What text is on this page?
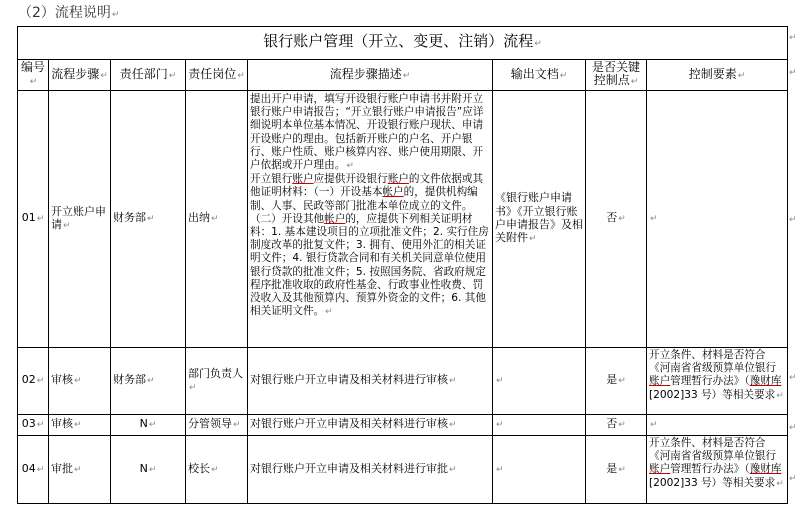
（2）流程说明↵
银行账户管理（开立、变更、注销）流程↵							
编号↵	流程步骤↵	责任部门↵	责任岗位↵	流程步骤描述↵	输出文档↵	是否关键
控制点↵	控制要素↵
01↵	开立账户申请↵	财务部↵	出纳↵	提出开户申请，填写开设银行账户申请书并附开立银行账户申请报告；“开立银行账户申请报告”应详细说明本单位基本情况、开设银行账户现状、申请开设账户的理由。包括新开账户的户名、开户银行、账户性质、账户核算内容、账户使用期限、开户依据或开户理由。↵
开立银行账户应提供开设银行账户的文件依据或其他证明材料：（一）开设基本帐户的，提供机构编制、人事、民政等部门批准本单位成立的文件。（二）开设其他帐户的，应提供下列相关证明材料：1. 基本建设项目的立项批准文件；2. 实行住房制度改革的批复文件；3. 拥有、使用外汇的相关证明文件；4. 银行贷款合同和有关机关同意单位使用银行贷款的批准文件；5. 按照国务院、省政府规定程序批准收取的政府性基金、行政事业性收费、罚没收入及其他预算内、预算外资金的文件；6. 其他相关证明文件。↵	《银行账户申请书》《开立银行账户申请报告》及相关附件↵	否↵	↵
02↵	审核↵	财务部↵	部门负责人↵	对银行账户开立申请及相关材料进行审核↵	↵	是↵	开立条件、材料是否符合《河南省省级预算单位银行账户管理暂行办法》（豫财库[2002]33 号）等相关要求↵
03↵	审核↵	N↵	分管领导↵	对银行账户开立申请及相关材料进行审核↵	↵	否↵	↵
04↵	审批↵	N↵	校长↵	对银行账户开立申请及相关材料进行审批↵	↵	是↵	开立条件、材料是否符合《河南省省级预算单位银行账户管理暂行办法》（豫财库[2002]33 号）等相关要求↵
↵
↵
↵
↵
↵
↵
